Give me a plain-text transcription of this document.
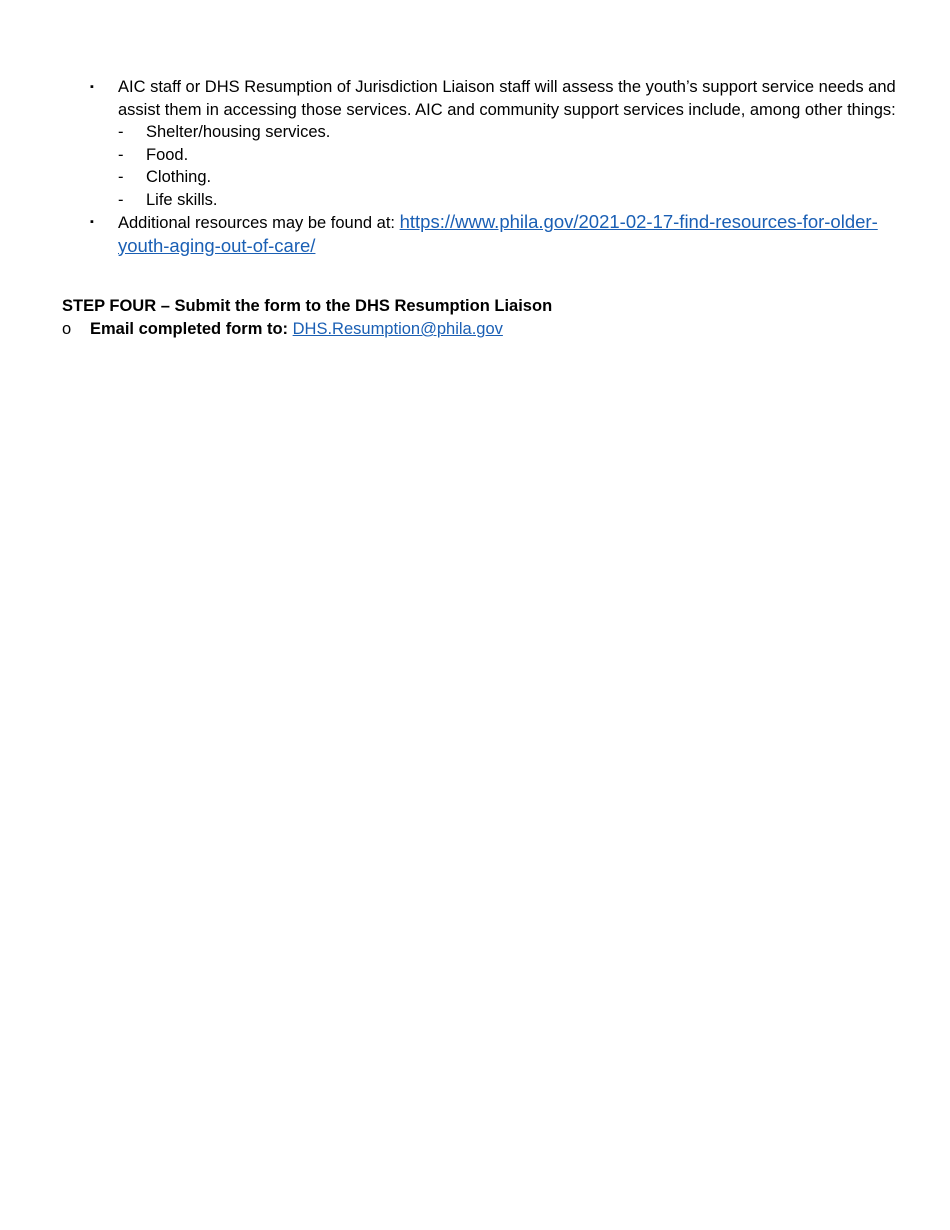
▪	AIC staff or DHS Resumption of Jurisdiction Liaison staff will assess the youth’s support service needs and assist them in accessing those services. AIC and community support services include, among other things:
- Shelter/housing services.
- Food.
- Clothing.
- Life skills.
▪	Additional resources may be found at: https://www.phila.gov/2021-02-17-find-resources-for-older-youth-aging-out-of-care/
STEP FOUR – Submit the form to the DHS Resumption Liaison
o Email completed form to: DHS.Resumption@phila.gov
